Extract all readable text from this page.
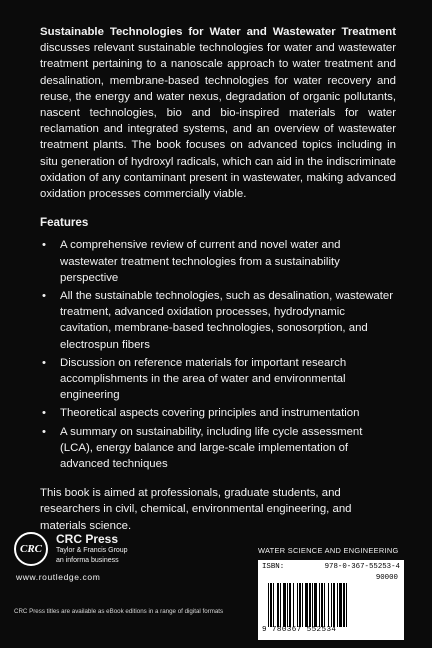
Sustainable Technologies for Water and Wastewater Treatment discusses relevant sustainable technologies for water and wastewater treatment pertaining to a nanoscale approach to water treatment and desalination, membrane-based technologies for water recovery and reuse, the energy and water nexus, degradation of organic pollutants, nascent technologies, bio and bio-inspired materials for water reclamation and integrated systems, and an overview of wastewater treatment plants. The book focuses on advanced topics including in situ generation of hydroxyl radicals, which can aid in the indiscriminate oxidation of any contaminant present in wastewater, making advanced oxidation processes commercially viable.

Features
• A comprehensive review of current and novel water and wastewater treatment technologies from a sustainability perspective
• All the sustainable technologies, such as desalination, wastewater treatment, advanced oxidation processes, hydrodynamic cavitation, membrane-based technologies, sonosorption, and electrospun fibers
• Discussion on reference materials for important research accomplishments in the area of water and environmental engineering
• Theoretical aspects covering principles and instrumentation
• A summary on sustainability, including life cycle assessment (LCA), energy balance and large-scale implementation of advanced techniques
This book is aimed at professionals, graduate students, and researchers in civil, chemical, environmental engineering, and materials science.
CRC
CRC Press
Taylor & Francis Group
an informa business
www.routledge.com
CRC Press titles are available as eBook editions in a range of digital formats
WATER SCIENCE AND ENGINEERING
ISBN:	978-0-367-55253-4
90000
9 780367 552534
